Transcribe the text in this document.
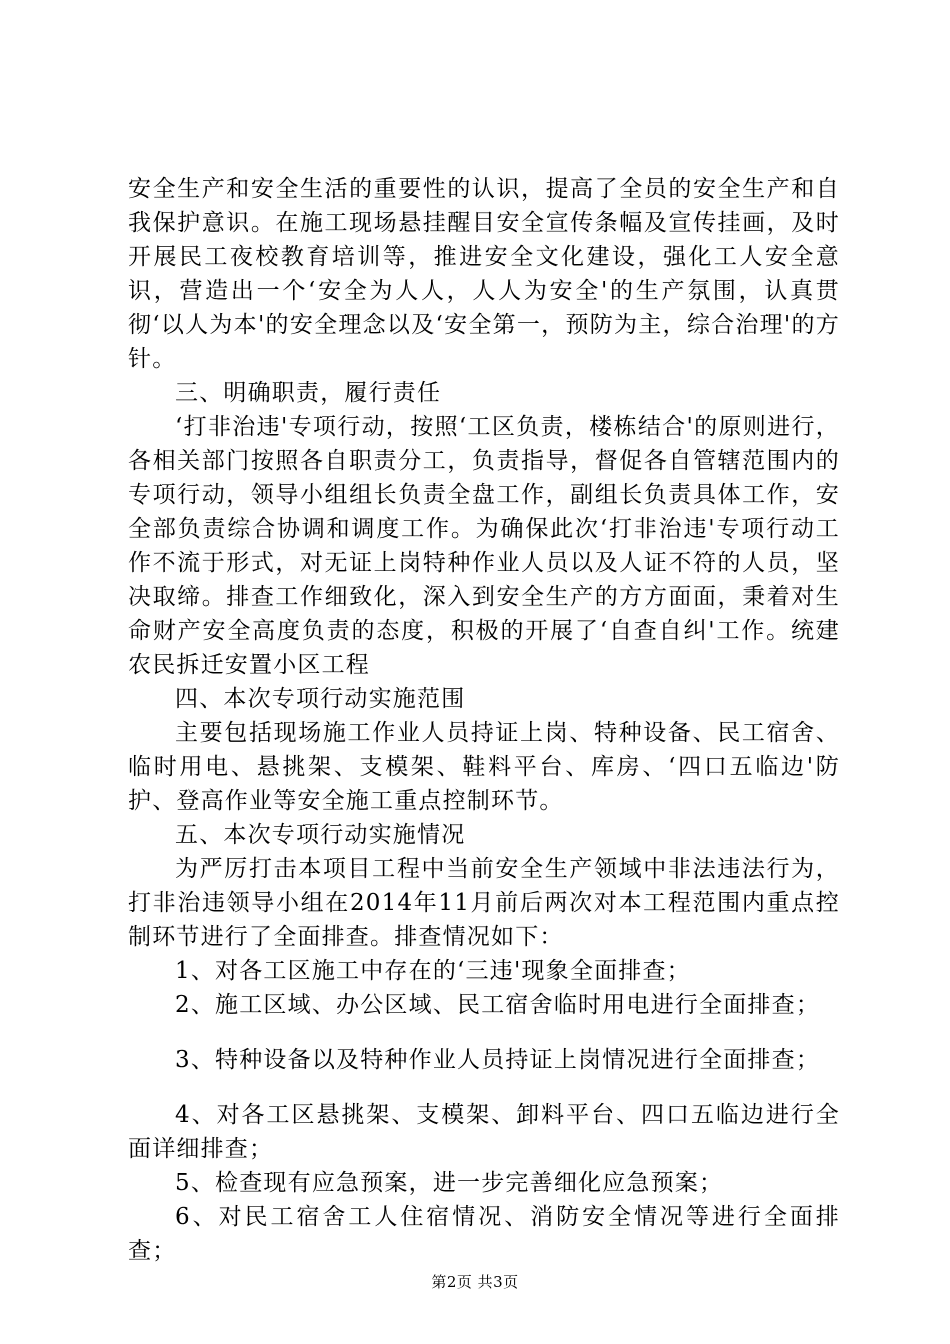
安全生产和安全生活的重要性的认识，提高了全员的安全生产和自我保护意识。在施工现场悬挂醒目安全宣传条幅及宣传挂画，及时开展民工夜校教育培训等，推进安全文化建设，强化工人安全意识，营造出一个‘安全为人人，人人为安全'的生产氛围，认真贯彻‘以人为本'的安全理念以及‘安全第一，预防为主，综合治理'的方针。

三、明确职责，履行责任

‘打非治违'专项行动，按照‘工区负责，楼栋结合'的原则进行，各相关部门按照各自职责分工，负责指导，督促各自管辖范围内的专项行动，领导小组组长负责全盘工作，副组长负责具体工作，安全部负责综合协调和调度工作。为确保此次‘打非治违'专项行动工作不流于形式，对无证上岗特种作业人员以及人证不符的人员，坚决取缔。排查工作细致化，深入到安全生产的方方面面，秉着对生命财产安全高度负责的态度，积极的开展了‘自查自纠'工作。统建农民拆迁安置小区工程

四、本次专项行动实施范围

主要包括现场施工作业人员持证上岗、特种设备、民工宿舍、临时用电、悬挑架、支模架、鞋料平台、库房、‘四口五临边'防护、登高作业等安全施工重点控制环节。

五、本次专项行动实施情况

为严厉打击本项目工程中当前安全生产领域中非法违法行为，打非治违领导小组在2014年11月前后两次对本工程范围内重点控制环节进行了全面排查。排查情况如下：

1、对各工区施工中存在的‘三违'现象全面排查；

2、施工区域、办公区域、民工宿舍临时用电进行全面排查；

3、特种设备以及特种作业人员持证上岗情况进行全面排查；

4、对各工区悬挑架、支模架、卸料平台、四口五临边进行全面详细排查；

5、检查现有应急预案，进一步完善细化应急预案；

6、对民工宿舍工人住宿情况、消防安全情况等进行全面排查；

第2页 共3页
